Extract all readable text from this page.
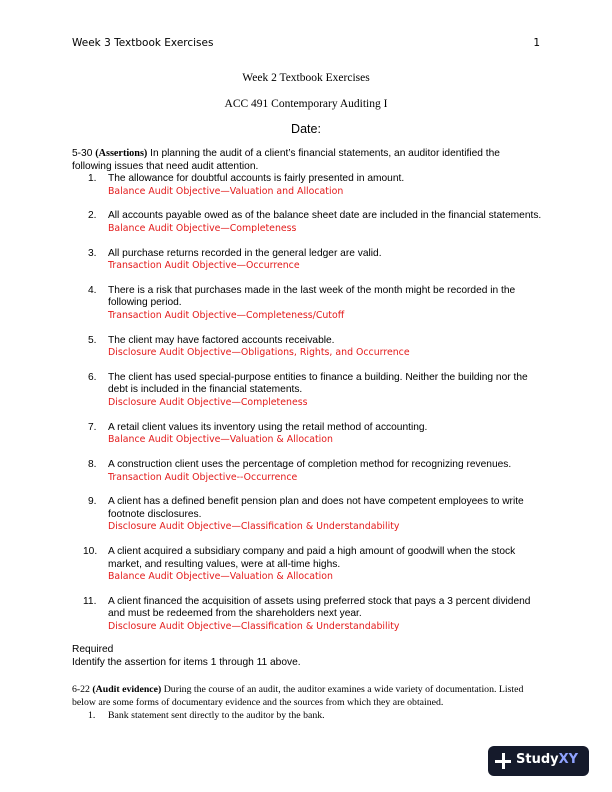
Week 3 Textbook Exercises	1
Week 2 Textbook Exercises
ACC 491 Contemporary Auditing I
Date:
5-30 (Assertions) In planning the audit of a client’s financial statements, an auditor identified the following issues that need audit attention.
1. The allowance for doubtful accounts is fairly presented in amount.
Balance Audit Objective—Valuation and Allocation
2. All accounts payable owed as of the balance sheet date are included in the financial statements.
Balance Audit Objective—Completeness
3. All purchase returns recorded in the general ledger are valid.
Transaction Audit Objective—Occurrence
4. There is a risk that purchases made in the last week of the month might be recorded in the following period.
Transaction Audit Objective—Completeness/Cutoff
5. The client may have factored accounts receivable.
Disclosure Audit Objective—Obligations, Rights, and Occurrence
6. The client has used special-purpose entities to finance a building. Neither the building nor the debt is included in the financial statements.
Disclosure Audit Objective—Completeness
7. A retail client values its inventory using the retail method of accounting.
Balance Audit Objective—Valuation & Allocation
8. A construction client uses the percentage of completion method for recognizing revenues.
Transaction Audit Objective--Occurrence
9. A client has a defined benefit pension plan and does not have competent employees to write footnote disclosures.
Disclosure Audit Objective—Classification & Understandability
10. A client acquired a subsidiary company and paid a high amount of goodwill when the stock market, and resulting values, were at all-time highs.
Balance Audit Objective—Valuation & Allocation
11. A client financed the acquisition of assets using preferred stock that pays a 3 percent dividend and must be redeemed from the shareholders next year.
Disclosure Audit Objective—Classification & Understandability
Required
Identify the assertion for items 1 through 11 above.
6-22 (Audit evidence) During the course of an audit, the auditor examines a wide variety of documentation. Listed below are some forms of documentary evidence and the sources from which they are obtained.
1.	Bank statement sent directly to the auditor by the bank.
StudyXY
